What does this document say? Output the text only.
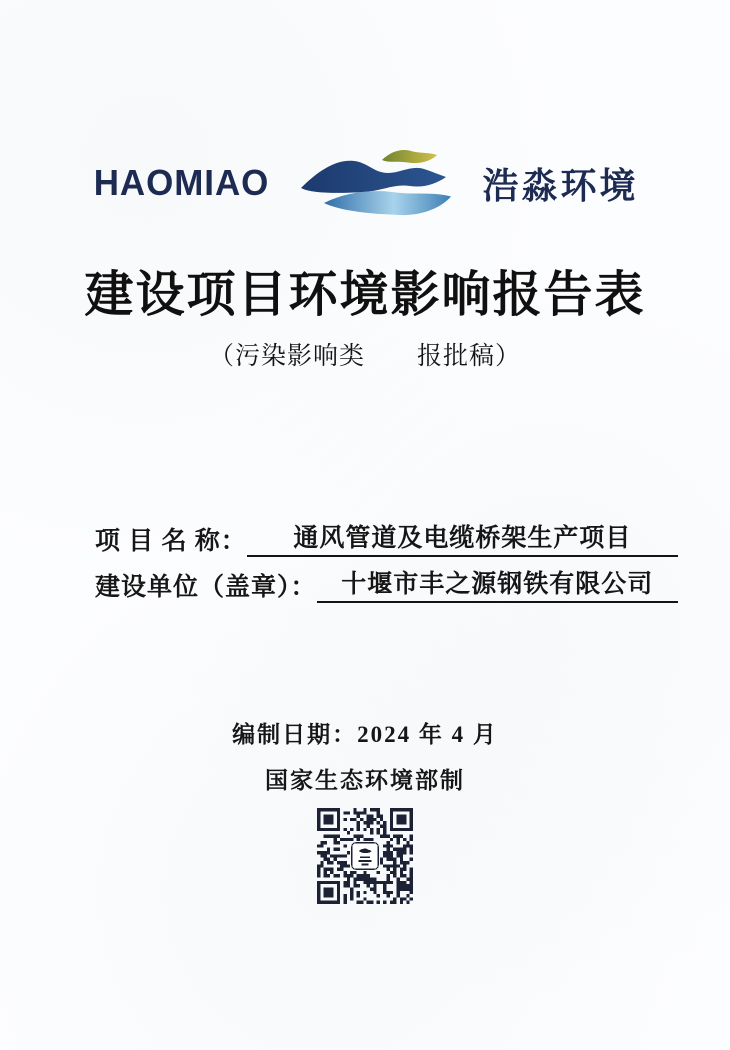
HAOMIAO	浩淼环境
建设项目环境影响报告表
（污染影响类　　报批稿）
项 目 名 称：	通风管道及电缆桥架生产项目
建设单位（盖章）： 十堰市丰之源钢铁有限公司
编制日期：2024 年 4 月
国家生态环境部制
